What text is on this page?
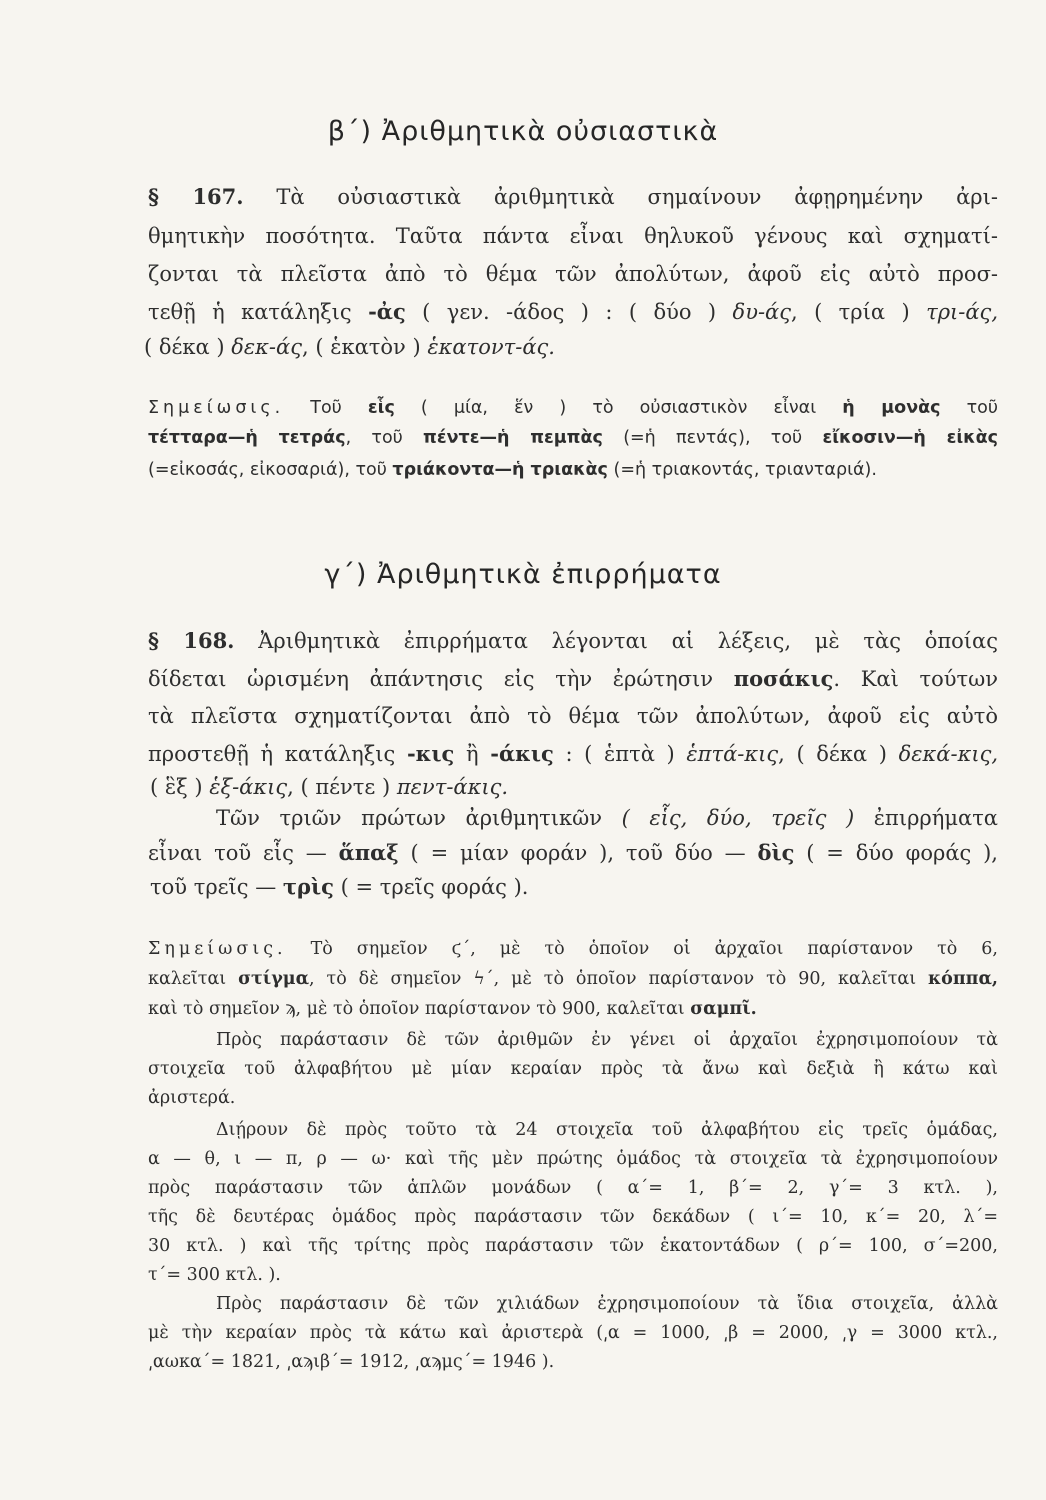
β΄) Ἀριθμητικὰ οὐσιαστικὰ
§ 167. Τὰ οὐσιαστικὰ ἀριθμητικὰ σημαίνουν ἀφῃρημένην ἀρι-
θμητικὴν ποσότητα. Ταῦτα πάντα εἶναι θηλυκοῦ γένους καὶ σχηματί-
ζονται τὰ πλεῖστα ἀπὸ τὸ θέμα τῶν ἀπολύτων, ἀφοῦ εἰς αὐτὸ προσ-
τεθῇ ἡ κατάληξις -ἀς ( γεν. -άδος ) : ( δύο ) δυ-άς, ( τρία ) τρι-άς,
( δέκα ) δεκ-άς, ( ἑκατὸν ) ἑκατοντ-άς.
Σημείωσις. Τοῦ εἷς ( μία, ἕν ) τὸ οὐσιαστικὸν εἶναι ἡ μονὰς τοῦ
τέτταρα—ἡ τετράς, τοῦ πέντε—ἡ πεμπὰς (=ἡ πεντάς), τοῦ εἴκοσιν—ἡ εἰκὰς
(=εἰκοσάς, εἰκοσαριά), τοῦ τριάκοντα—ἡ τριακὰς (=ἡ τριακοντάς, τριανταριά).
γ΄) Ἀριθμητικὰ ἐπιρρήματα
§ 168. Ἀριθμητικὰ ἐπιρρήματα λέγονται αἱ λέξεις, μὲ τὰς ὁποίας
δίδεται ὡρισμένη ἀπάντησις εἰς τὴν ἐρώτησιν ποσάκις. Καὶ τούτων
τὰ πλεῖστα σχηματίζονται ἀπὸ τὸ θέμα τῶν ἀπολύτων, ἀφοῦ εἰς αὐτὸ
προστεθῇ ἡ κατάληξις -κις ἢ -άκις : ( ἑπτὰ ) ἑπτά-κις, ( δέκα ) δεκά-κις,
( ἓξ ) ἑξ-άκις, ( πέντε ) πεντ-άκις.
Τῶν τριῶν πρώτων ἀριθμητικῶν ( εἷς, δύο, τρεῖς ) ἐπιρρήματα
εἶναι τοῦ εἷς — ἅπαξ ( = μίαν φοράν ), τοῦ δύο — δὶς ( = δύο φοράς ),
τοῦ τρεῖς — τρὶς ( = τρεῖς φοράς ).
Σημείωσις. Τὸ σημεῖον ϛ΄, μὲ τὸ ὁποῖον οἱ ἀρχαῖοι παρίστανον τὸ 6,
καλεῖται στίγμα, τὸ δὲ σημεῖον ϟ΄, μὲ τὸ ὁποῖον παρίστανον τὸ 90, καλεῖται κόππα,
καὶ τὸ σημεῖον ϡ, μὲ τὸ ὁποῖον παρίστανον τὸ 900, καλεῖται σαμπῖ.
Πρὸς παράστασιν δὲ τῶν ἀριθμῶν ἐν γένει οἱ ἀρχαῖοι ἐχρησιμοποίουν τὰ
στοιχεῖα τοῦ ἀλφαβήτου μὲ μίαν κεραίαν πρὸς τὰ ἄνω καὶ δεξιὰ ἢ κάτω καὶ
ἀριστερά.
Διῄρουν δὲ πρὸς τοῦτο τὰ 24 στοιχεῖα τοῦ ἀλφαβήτου εἰς τρεῖς ὁμάδας,
α — θ, ι — π, ρ — ω· καὶ τῆς μὲν πρώτης ὁμάδος τὰ στοιχεῖα τὰ ἐχρησιμοποίουν
πρὸς παράστασιν τῶν ἁπλῶν μονάδων ( α΄= 1, β΄= 2, γ΄= 3 κτλ. ),
τῆς δὲ δευτέρας ὁμάδος πρὸς παράστασιν τῶν δεκάδων ( ι΄= 10, κ΄= 20, λ΄=
30 κτλ. ) καὶ τῆς τρίτης πρὸς παράστασιν τῶν ἑκατοντάδων ( ρ΄= 100, σ΄=200,
τ΄= 300 κτλ. ).
Πρὸς παράστασιν δὲ τῶν χιλιάδων ἐχρησιμοποίουν τὰ ἴδια στοιχεῖα, ἀλλὰ
μὲ τὴν κεραίαν πρὸς τὰ κάτω καὶ ἀριστερὰ (͵α = 1000, ͵β = 2000, ͵γ = 3000 κτλ.,
͵αωκα΄= 1821, ͵αϡιβ΄= 1912, ͵αϡμς΄= 1946 ).
